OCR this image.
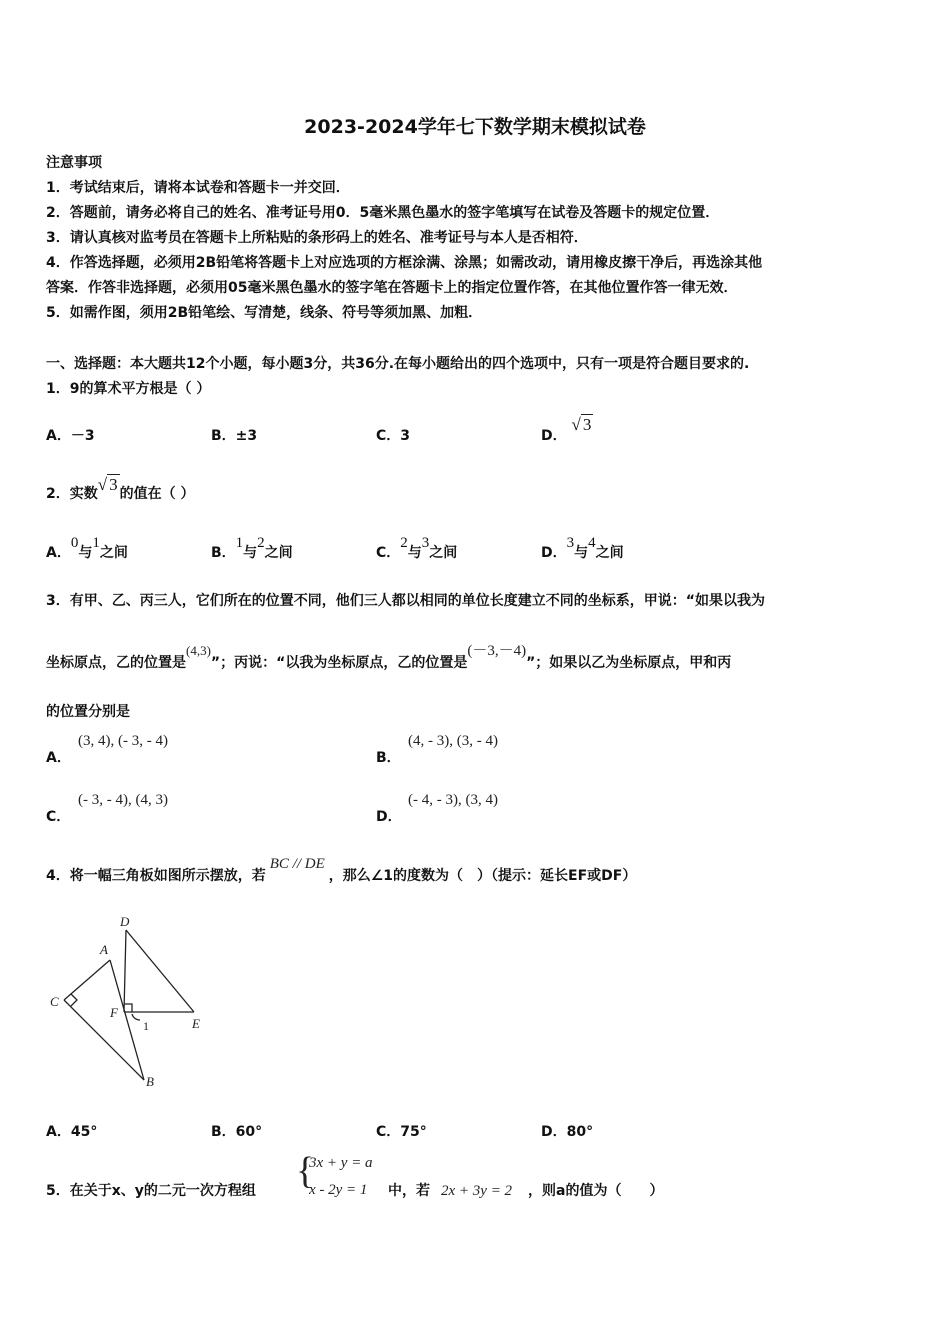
2023-2024学年七下数学期末模拟试卷
注意事项
1．考试结束后，请将本试卷和答题卡一并交回．
2．答题前，请务必将自己的姓名、准考证号用0．5毫米黑色墨水的签字笔填写在试卷及答题卡的规定位置．
3．请认真核对监考员在答题卡上所粘贴的条形码上的姓名、准考证号与本人是否相符．
4．作答选择题，必须用2B铅笔将答题卡上对应选项的方框涂满、涂黑；如需改动，请用橡皮擦干净后，再选涂其他
答案．作答非选择题，必须用05毫米黑色墨水的签字笔在答题卡上的指定位置作答，在其他位置作答一律无效．
5．如需作图，须用2B铅笔绘、写清楚，线条、符号等须加黑、加粗．
一、选择题：本大题共12个小题，每小题3分，共36分.在每小题给出的四个选项中，只有一项是符合题目要求的.
1．9的算术平方根是（ ）
A．－3	B．±3	C．3	D． √ 3
2．实数√ 3 的值在（ ）
A．0与1之间	B．1与2之间	C．2与3之间	D．3与4之间
3．有甲、乙、丙三人，它们所在的位置不同，他们三人都以相同的单位长度建立不同的坐标系，甲说：“如果以我为
坐标原点，乙的位置是(4,3)”；丙说：“以我为坐标原点，乙的位置是(－3,－4)”；如果以乙为坐标原点，甲和丙
的位置分别是
A．
(3, 4), (- 3, - 4)
B．
(4, - 3), (3, - 4)
C．
(- 3, - 4), (4, 3)
D．
(- 4, - 3), (3, 4)
4．将一幅三角板如图所示摆放，若BC // DE，那么∠1的度数为（　）（提示：延长EF或DF）
A
D
C
F
E
B
1
A．45°	B．60°	C．75°	D．80°
5．在关于x、y的二元一次方程组 {
3x + y = a
x - 2y = 1 中，若 2x + 3y = 2 ，则a的值为（　　）
